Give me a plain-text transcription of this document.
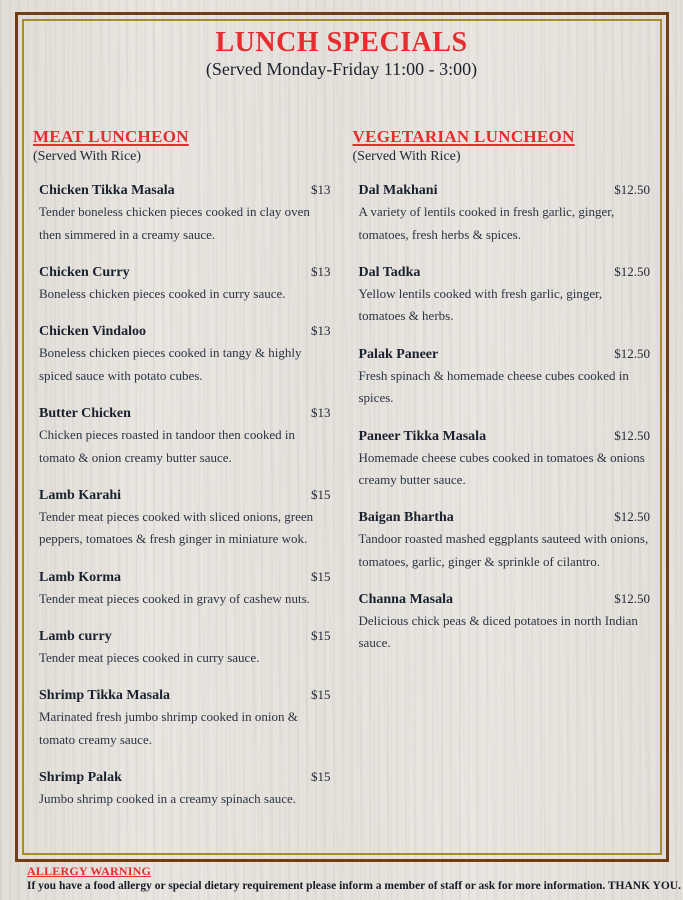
LUNCH SPECIALS
(Served Monday-Friday 11:00 - 3:00)
MEAT LUNCHEON
(Served With Rice)
Chicken Tikka Masala	$13
Tender boneless chicken pieces cooked in clay oven then simmered in a creamy sauce.
Chicken Curry	$13
Boneless chicken pieces cooked in curry sauce.
Chicken Vindaloo	$13
Boneless chicken pieces cooked in tangy & highly spiced sauce with potato cubes.
Butter Chicken	$13
Chicken pieces roasted in tandoor then cooked in tomato & onion creamy butter sauce.
Lamb Karahi	$15
Tender meat pieces cooked with sliced onions, green peppers, tomatoes & fresh ginger in miniature wok.
Lamb Korma	$15
Tender meat pieces cooked in gravy of cashew nuts.
Lamb curry	$15
Tender meat pieces cooked in curry sauce.
Shrimp Tikka Masala	$15
Marinated fresh jumbo shrimp cooked in onion & tomato creamy sauce.
Shrimp Palak	$15
Jumbo shrimp cooked in a creamy spinach sauce.
VEGETARIAN LUNCHEON
(Served With Rice)
Dal Makhani	$12.50
A variety of lentils cooked in fresh garlic, ginger, tomatoes, fresh herbs & spices.
Dal Tadka	$12.50
Yellow lentils cooked with fresh garlic, ginger, tomatoes & herbs.
Palak Paneer	$12.50
Fresh spinach & homemade cheese cubes cooked in spices.
Paneer Tikka Masala	$12.50
Homemade cheese cubes cooked in tomatoes & onions creamy butter sauce.
Baigan Bhartha	$12.50
Tandoor roasted mashed eggplants sauteed with onions, tomatoes, garlic, ginger & sprinkle of cilantro.
Channa Masala	$12.50
Delicious chick peas & diced potatoes in north Indian sauce.
ALLERGY WARNING
If you have a food allergy or special dietary requirement please inform a member of staff or ask for more information. THANK YOU.
